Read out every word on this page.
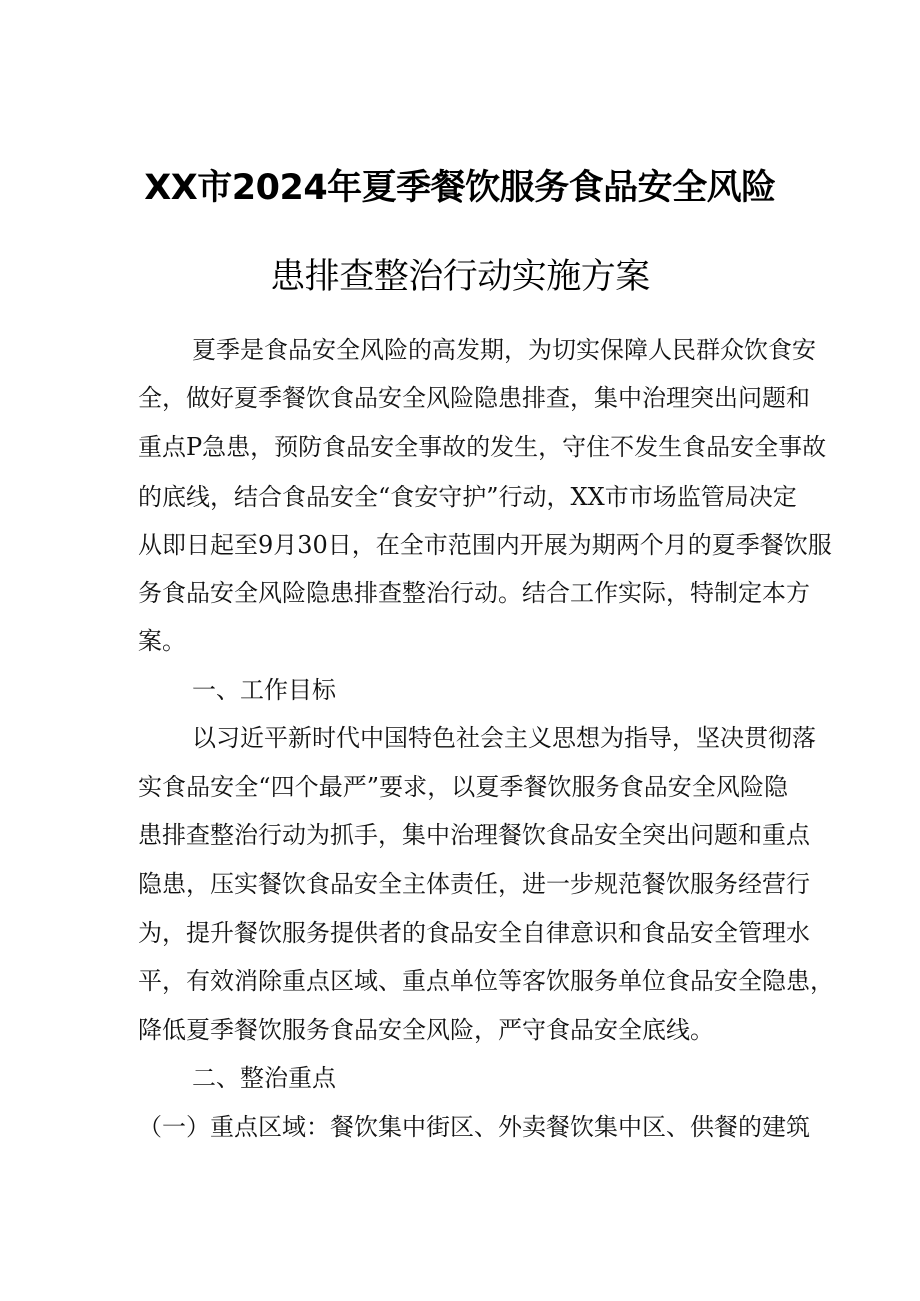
XX市2024年夏季餐饮服务食品安全风险
患排查整治行动实施方案
夏季是食品安全风险的高发期，为切实保障人民群众饮食安
全，做好夏季餐饮食品安全风险隐患排查，集中治理突出问题和
重点P急患，预防食品安全事故的发生，守住不发生食品安全事故
的底线，结合食品安全“食安守护”行动，XX市市场监管局决定
从即日起至9月30日，在全市范围内开展为期两个月的夏季餐饮服
务食品安全风险隐患排查整治行动。结合工作实际，特制定本方
案。
一、工作目标
以习近平新时代中国特色社会主义思想为指导，坚决贯彻落
实食品安全“四个最严”要求，以夏季餐饮服务食品安全风险隐
患排查整治行动为抓手，集中治理餐饮食品安全突出问题和重点
隐患，压实餐饮食品安全主体责任，进一步规范餐饮服务经营行
为，提升餐饮服务提供者的食品安全自律意识和食品安全管理水
平，有效消除重点区域、重点单位等客饮服务单位食品安全隐患，
降低夏季餐饮服务食品安全风险，严守食品安全底线。
二、整治重点
（一）重点区域：餐饮集中街区、外卖餐饮集中区、供餐的建筑
